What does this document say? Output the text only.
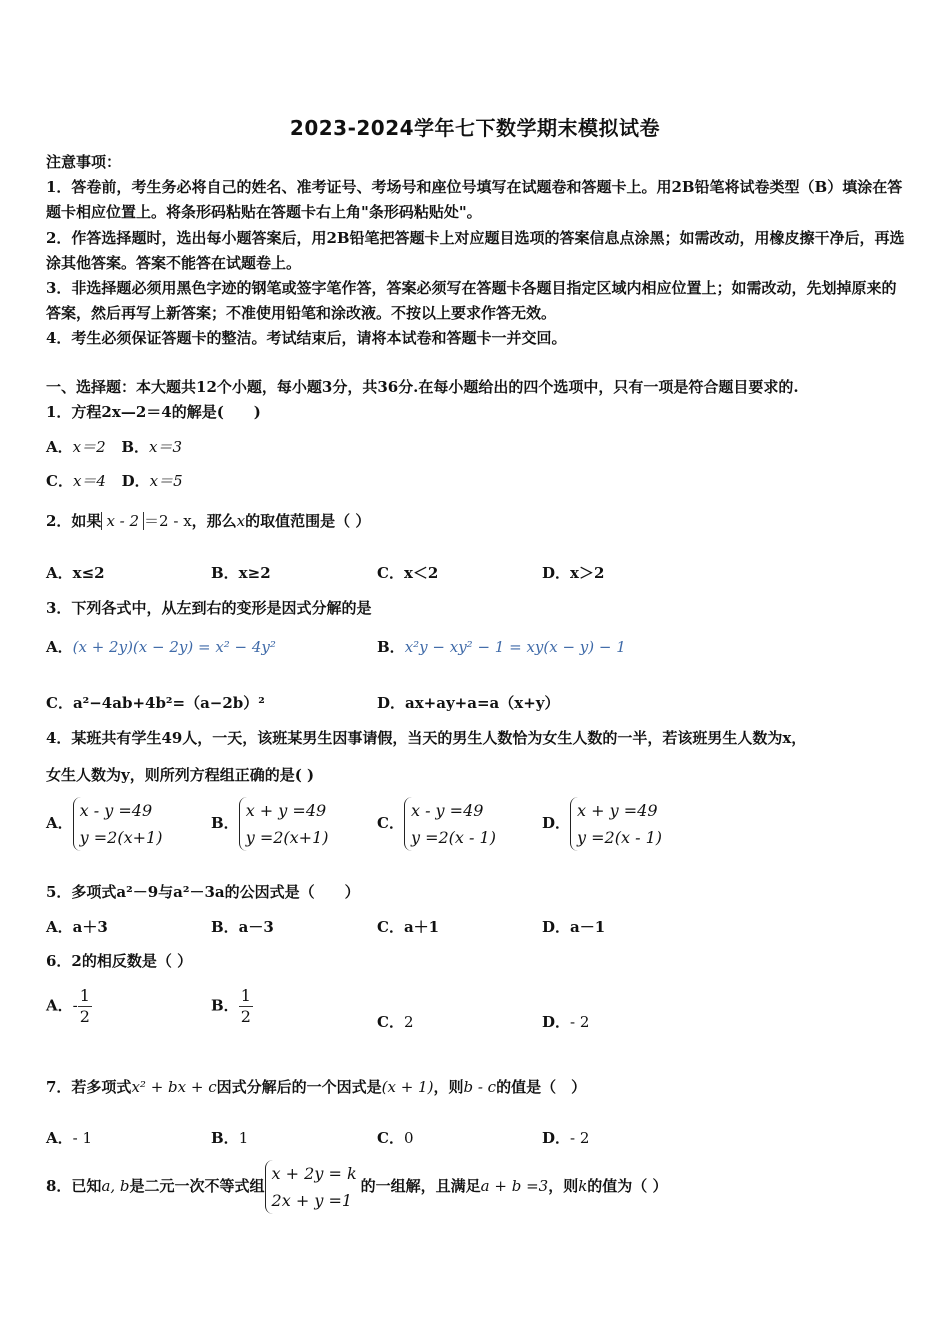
2023-2024学年七下数学期末模拟试卷

注意事项：

1．答卷前，考生务必将自己的姓名、准考证号、考场号和座位号填写在试题卷和答题卡上。用2B铅笔将试卷类型（B）填涂在答题卡相应位置上。将条形码粘贴在答题卡右上角"条形码粘贴处"。

2．作答选择题时，选出每小题答案后，用2B铅笔把答题卡上对应题目选项的答案信息点涂黑；如需改动，用橡皮擦干净后，再选涂其他答案。答案不能答在试题卷上。

3．非选择题必须用黑色字迹的钢笔或签字笔作答，答案必须写在答题卡各题目指定区域内相应位置上；如需改动，先划掉原来的答案，然后再写上新答案；不准使用铅笔和涂改液。不按以上要求作答无效。

4．考生必须保证答题卡的整洁。考试结束后，请将本试卷和答题卡一并交回。

一、选择题：本大题共12个小题，每小题3分，共36分.在每小题给出的四个选项中，只有一项是符合题目要求的.
1．方程2x—2＝4的解是(　　)
A．x＝2 B．x＝3
C．x＝4 D．x＝5
2．如果 x - 2 ＝2 - x，那么x的取值范围是（ ）
A．x≤2	B．x≥2	C．x＜2	D．x＞2
3．下列各式中，从左到右的变形是因式分解的是
A．(x + 2y)(x − 2y) = x² − 4y²	B．x²y − xy² − 1 = xy(x − y) − 1
C．a²−4ab+4b²=（a−2b）²	D．ax+ay+a=a（x+y）
4．某班共有学生49人，一天，该班某男生因事请假，当天的男生人数恰为女生人数的一半，若该班男生人数为x，
女生人数为y，则所列方程组正确的是( )
A．x - y =49
y =2(x+1)
B．x + y =49
y =2(x+1)
C．x - y =49
y =2(x - 1)
D．x + y =49
y =2(x - 1)
5．多项式a²－9与a²－3a的公因式是（　　）
A．a＋3	B．a－3	C．a＋1	D．a－1
6．2的相反数是（ ）
A．- $\frac{1}{2}$	B． $\frac{1}{2}$	C．2	D．- 2
7．若多项式x² + bx + c因式分解后的一个因式是(x + 1)，则b - c的值是（　）
A．- 1	B．1	C．0	D．- 2
8．已知a, b是二元一次不等式组x + 2y = k
2x + y =1的一组解，且满足a + b =3，则k的值为（ ）
